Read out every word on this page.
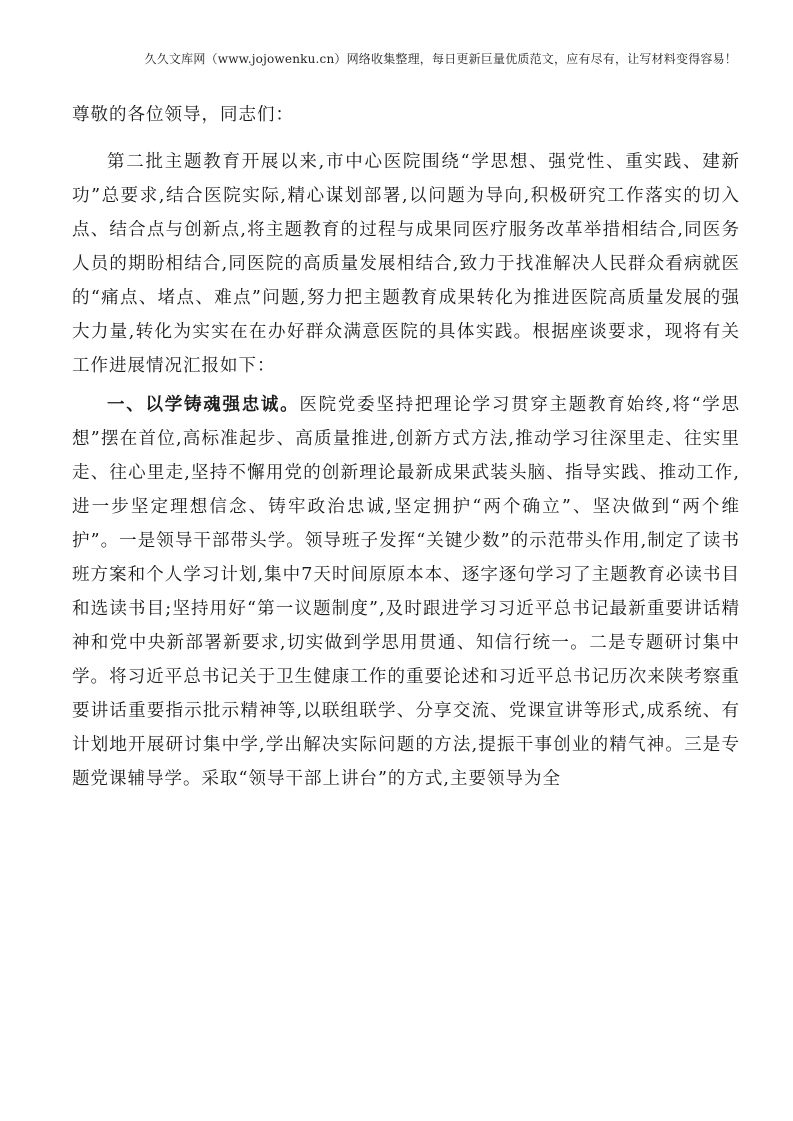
久久文库网（www.jojowenku.cn）网络收集整理，每日更新巨量优质范文，应有尽有，让写材料变得容易！

尊敬的各位领导，同志们：

第二批主题教育开展以来,市中心医院围绕“学思想、强党性、重实践、建新功”总要求,结合医院实际,精心谋划部署,以问题为导向,积极研究工作落实的切入点、结合点与创新点,将主题教育的过程与成果同医疗服务改革举措相结合,同医务人员的期盼相结合,同医院的高质量发展相结合,致力于找准解决人民群众看病就医的“痛点、堵点、难点”问题,努力把主题教育成果转化为推进医院高质量发展的强大力量,转化为实实在在办好群众满意医院的具体实践。根据座谈要求，现将有关工作进展情况汇报如下：

一、以学铸魂强忠诚。医院党委坚持把理论学习贯穿主题教育始终,将“学思想”摆在首位,高标准起步、高质量推进,创新方式方法,推动学习往深里走、往实里走、往心里走,坚持不懈用党的创新理论最新成果武装头脑、指导实践、推动工作,进一步坚定理想信念、铸牢政治忠诚,坚定拥护“两个确立”、坚决做到“两个维护”。一是领导干部带头学。领导班子发挥“关键少数”的示范带头作用,制定了读书班方案和个人学习计划,集中7天时间原原本本、逐字逐句学习了主题教育必读书目和选读书目;坚持用好“第一议题制度”,及时跟进学习习近平总书记最新重要讲话精神和党中央新部署新要求,切实做到学思用贯通、知信行统一。二是专题研讨集中学。将习近平总书记关于卫生健康工作的重要论述和习近平总书记历次来陕考察重要讲话重要指示批示精神等,以联组联学、分享交流、党课宣讲等形式,成系统、有计划地开展研讨集中学,学出解决实际问题的方法,提振干事创业的精气神。三是专题党课辅导学。采取“领导干部上讲台”的方式,主要领导为全
